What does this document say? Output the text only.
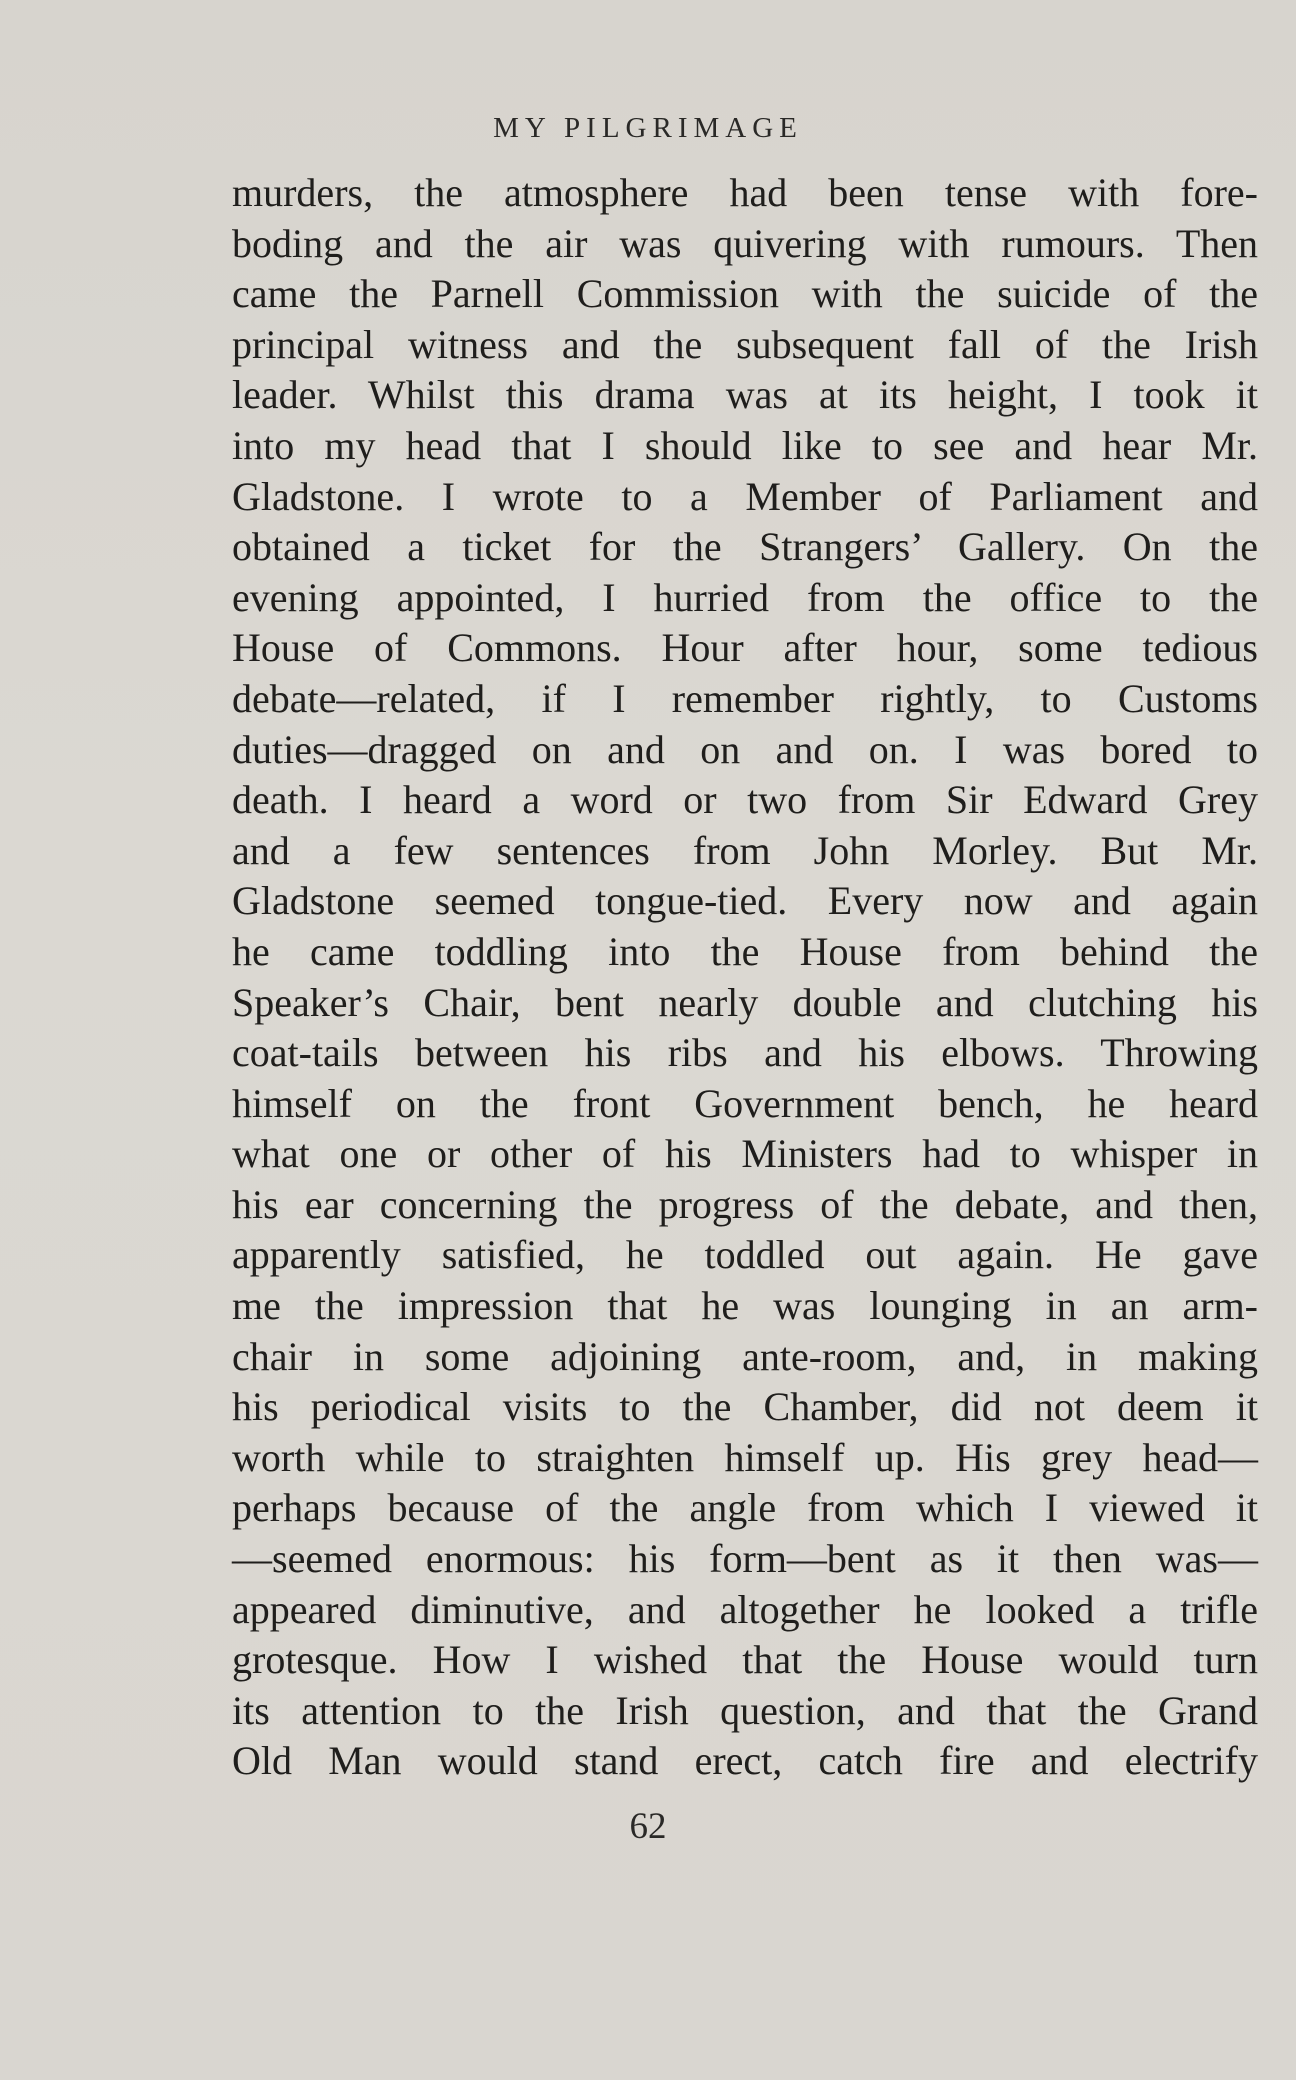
MY PILGRIMAGE
murders, the atmosphere had been tense with fore-
boding and the air was quivering with rumours. Then
came the Parnell Commission with the suicide of the
principal witness and the subsequent fall of the Irish
leader. Whilst this drama was at its height, I took it
into my head that I should like to see and hear Mr.
Gladstone. I wrote to a Member of Parliament and
obtained a ticket for the Strangers’ Gallery. On the
evening appointed, I hurried from the office to the
House of Commons. Hour after hour, some tedious
debate—related, if I remember rightly, to Customs
duties—dragged on and on and on. I was bored to
death. I heard a word or two from Sir Edward Grey
and a few sentences from John Morley. But Mr.
Gladstone seemed tongue-tied. Every now and again
he came toddling into the House from behind the
Speaker’s Chair, bent nearly double and clutching his
coat-tails between his ribs and his elbows. Throwing
himself on the front Government bench, he heard
what one or other of his Ministers had to whisper in
his ear concerning the progress of the debate, and then,
apparently satisfied, he toddled out again. He gave
me the impression that he was lounging in an arm-
chair in some adjoining ante-room, and, in making
his periodical visits to the Chamber, did not deem it
worth while to straighten himself up. His grey head—
perhaps because of the angle from which I viewed it
—seemed enormous: his form—bent as it then was—
appeared diminutive, and altogether he looked a trifle
grotesque. How I wished that the House would turn
its attention to the Irish question, and that the Grand
Old Man would stand erect, catch fire and electrify
62
